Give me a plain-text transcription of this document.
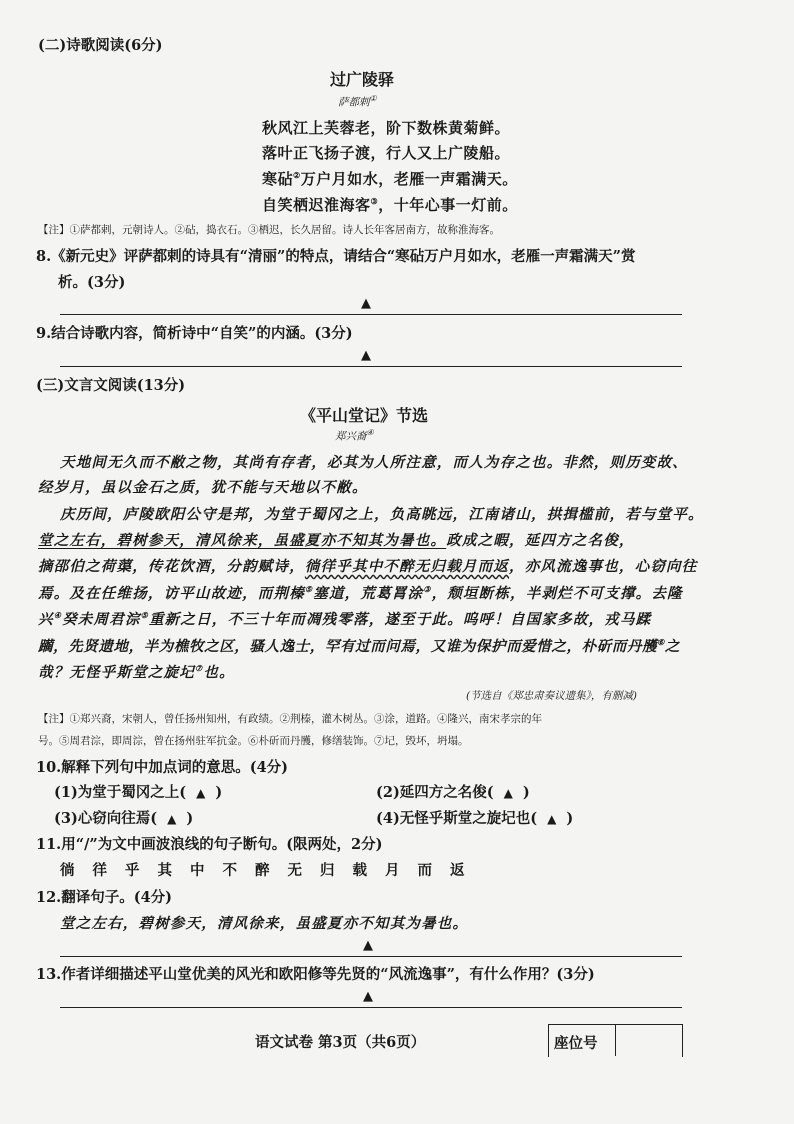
(二)诗歌阅读(6分)
过广陵驿
萨都剌①
秋风江上芙蓉老，阶下数株黄菊鲜。
落叶正飞扬子渡，行人又上广陵船。
寒砧②万户月如水，老雁一声霜满天。
自笑栖迟淮海客③，十年心事一灯前。
【注】①萨都剌，元朝诗人。②砧，捣衣石。③栖迟，长久居留。诗人长年客居南方，故称淮海客。
8.《新元史》评萨都剌的诗具有“清丽”的特点，请结合“寒砧万户月如水，老雁一声霜满天”赏
析。(3分)
▲
9.结合诗歌内容，简析诗中“自笑”的内涵。(3分)
▲
(三)文言文阅读(13分)
《平山堂记》节选
郑兴裔④
天地间无久而不敝之物，其尚有存者，必其为人所注意，而人为存之也。非然，则历变故、
经岁月，虽以金石之质，犹不能与天地以不敝。
庆历间，庐陵欧阳公守是邦，为堂于蜀冈之上，负高眺远，江南诸山，拱揖槛前，若与堂平。
堂之左右，碧树参天，清风徐来，虽盛夏亦不知其为暑也。政成之暇，延四方之名俊，
摘邵伯之荷蕖，传花饮酒，分韵赋诗，徜徉乎其中不醉无归载月而返，亦风流逸事也，心窃向往
焉。及在任维扬，访平山故迹，而荆榛⑤塞道，荒葛罥涂③，颓垣断栋，半剥烂不可支撑。去隆
兴④癸未周君淙⑤重新之日，不三十年而凋残零落，遂至于此。呜呼！自国家多故，戎马蹂
躏，先贤遗地，半为樵牧之区，骚人逸士，罕有过而问焉，又谁为保护而爱惜之，朴斫而丹雘⑥之
哉？无怪乎斯堂之旋圮⑦也。
(节选自《郑忠肃奏议遗集》，有删减)
【注】①郑兴裔，宋朝人，曾任扬州知州，有政绩。②荆榛，灌木树丛。③涂，道路。④隆兴，南宋孝宗的年
号。⑤周君淙，即周淙，曾在扬州驻军抗金。⑥朴斫而丹雘，修缮装饰。⑦圮，毁坏，坍塌。
10.解释下列句中加点词的意思。(4分)
(1)为堂于蜀冈之上( ▲ )	(2)延四方之名俊( ▲ )
(3)心窃向往焉( ▲ )	(4)无怪乎斯堂之旋圮也( ▲ )
11.用“/”为文中画波浪线的句子断句。(限两处，2分)
徜徉乎其中不醉无归载月而返
12.翻译句子。(4分)
堂之左右，碧树参天，清风徐来，虽盛夏亦不知其为暑也。
▲
13.作者详细描述平山堂优美的风光和欧阳修等先贤的“风流逸事”，有什么作用？(3分)
▲
语文试卷 第3页（共6页）	座位号
